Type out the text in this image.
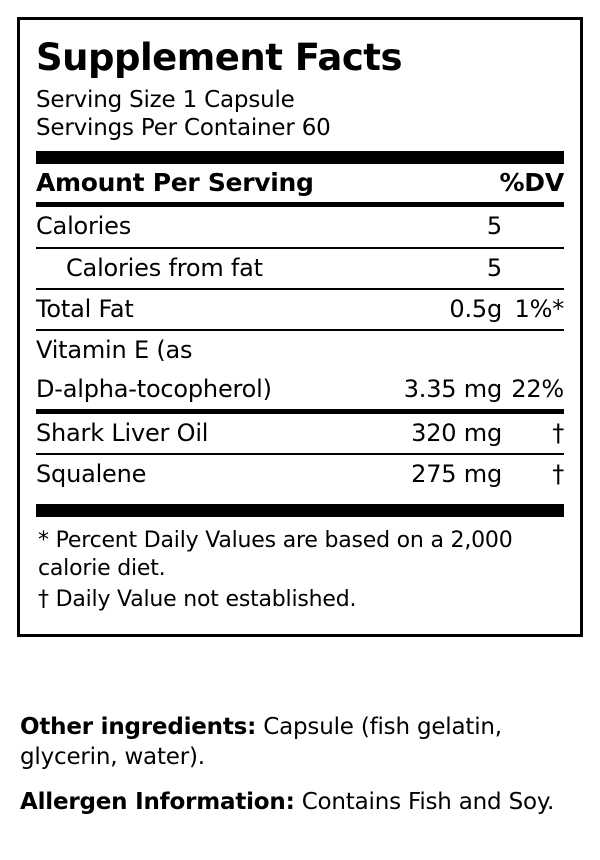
Supplement Facts
Serving Size 1 Capsule
Servings Per Container 60
Amount Per Serving	%DV
Calories	5
Calories from fat	5
Total Fat	0.5g 1%*
Vitamin E (as
D-alpha-tocopherol)	3.35 mg 22%
Shark Liver Oil	320 mg	†
Squalene	275 mg	†

* Percent Daily Values are based on a 2,000 calorie diet.

† Daily Value not established.

Other ingredients: Capsule (fish gelatin, glycerin, water).

Allergen Information: Contains Fish and Soy.
